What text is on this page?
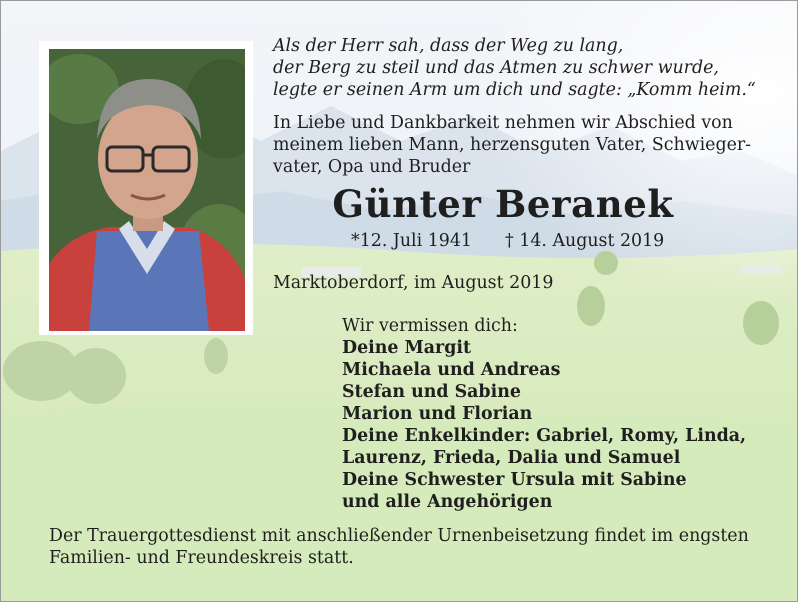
Als der Herr sah, dass der Weg zu lang,
der Berg zu steil und das Atmen zu schwer wurde,
legte er seinen Arm um dich und sagte: „Komm heim.“
In Liebe und Dankbarkeit nehmen wir Abschied von
meinem lieben Mann, herzensguten Vater, Schwieger-
vater, Opa und Bruder
Günter Beranek
*12. Juli 1941 † 14. August 2019
Marktoberdorf, im August 2019
Wir vermissen dich:
Deine Margit
Michaela und Andreas
Stefan und Sabine
Marion und Florian
Deine Enkelkinder: Gabriel, Romy, Linda,
Laurenz, Frieda, Dalia und Samuel
Deine Schwester Ursula mit Sabine
und alle Angehörigen
Der Trauergottesdienst mit anschließender Urnenbeisetzung findet im engsten
Familien- und Freundeskreis statt.
